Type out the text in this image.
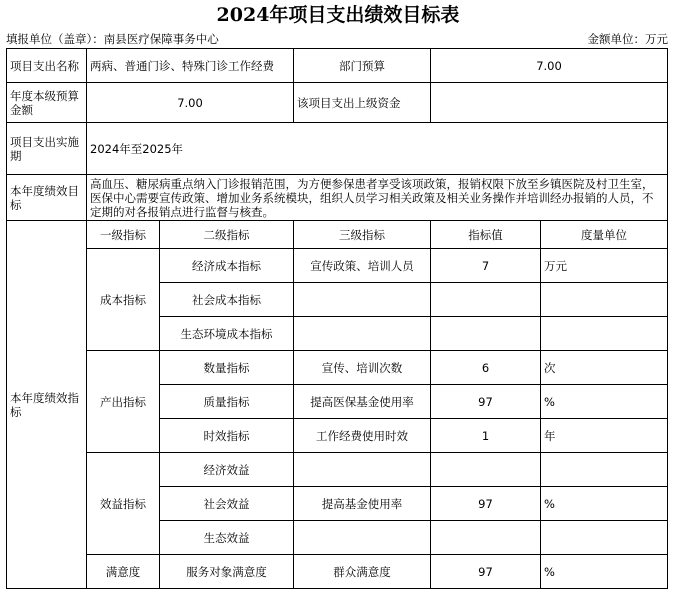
2024年项目支出绩效目标表
填报单位（盖章）：南县医疗保障事务中心	金额单位：万元
项目支出名称	两病、普通门诊、特殊门诊工作经费		部门预算	7.00	
年度本级预算金额	7.00		该项目支出上级资金		
项目支出实施期	2024年至2025年				
本年度绩效目标	高血压、糖尿病重点纳入门诊报销范围，为方便参保患者享受该项政策，报销权限下放至乡镇医院及村卫生室，医保中心需要宣传政策、增加业务系统模块，组织人员学习相关政策及相关业务操作并培训经办报销的人员，不定期的对各报销点进行监督与核查。				
本年度绩效指标	一级指标	二级指标	三级指标	指标值	度量单位
	成本指标	经济成本指标	宣传政策、培训人员	7	万元
		社会成本指标			
		生态环境成本指标			
	产出指标	数量指标	宣传、培训次数	6	次
		质量指标	提高医保基金使用率	97	%
		时效指标	工作经费使用时效	1	年
	效益指标	经济效益			
		社会效益	提高基金使用率	97	%
		生态效益			
	满意度	服务对象满意度	群众满意度	97	%
